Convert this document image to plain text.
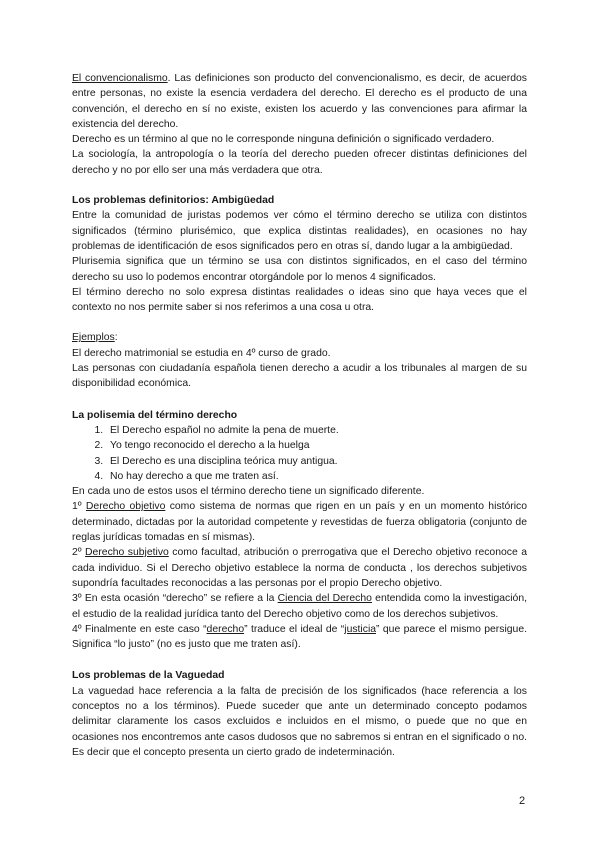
El convencionalismo. Las definiciones son producto del convencionalismo, es decir, de acuerdos entre personas, no existe la esencia verdadera del derecho. El derecho es el producto de una convención, el derecho en sí no existe, existen los acuerdo y las convenciones para afirmar la existencia del derecho.

Derecho es un término al que no le corresponde ninguna definición o significado verdadero.

La sociología, la antropología o la teoría del derecho pueden ofrecer distintas definiciones del derecho y no por ello ser una más verdadera que otra.

Los problemas definitorios: Ambigüedad

Entre la comunidad de juristas podemos ver cómo el término derecho se utiliza con distintos significados (término plurisémico, que explica distintas realidades), en ocasiones no hay problemas de identificación de esos significados pero en otras sí, dando lugar a la ambigüedad.

Plurisemia significa que un término se usa con distintos significados, en el caso del término derecho su uso lo podemos encontrar otorgándole por lo menos 4 significados.

El término derecho no solo expresa distintas realidades o ideas sino que haya veces que el contexto no nos permite saber si nos referimos a una cosa u otra.

Ejemplos:

El derecho matrimonial se estudia en 4º curso de grado.

Las personas con ciudadanía española tienen derecho a acudir a los tribunales al margen de su disponibilidad económica.

La polisemia del término derecho

1. El Derecho español no admite la pena de muerte.
2. Yo tengo reconocido el derecho a la huelga
3. El Derecho es una disciplina teórica muy antigua.
4. No hay derecho a que me traten así.

En cada uno de estos usos el término derecho tiene un significado diferente.

1º Derecho objetivo como sistema de normas que rigen en un país y en un momento histórico determinado, dictadas por la autoridad competente y revestidas de fuerza obligatoria (conjunto de reglas jurídicas tomadas en sí mismas).

2º Derecho subjetivo como facultad, atribución o prerrogativa que el Derecho objetivo reconoce a cada individuo. Si el Derecho objetivo establece la norma de conducta , los derechos subjetivos supondría facultades reconocidas a las personas por el propio Derecho objetivo.

3º En esta ocasión “derecho” se refiere a la Ciencia del Derecho entendida como la investigación, el estudio de la realidad jurídica tanto del Derecho objetivo como de los derechos subjetivos.

4º Finalmente en este caso “derecho” traduce el ideal de “justicia” que parece el mismo persigue. Significa “lo justo” (no es justo que me traten así).

Los problemas de la Vaguedad

La vaguedad hace referencia a la falta de precisión de los significados (hace referencia a los conceptos no a los términos). Puede suceder que ante un determinado concepto podamos delimitar claramente los casos excluidos e incluidos en el mismo, o puede que no que en ocasiones nos encontremos ante casos dudosos que no sabremos si entran en el significado o no. Es decir que el concepto presenta un cierto grado de indeterminación.

2
